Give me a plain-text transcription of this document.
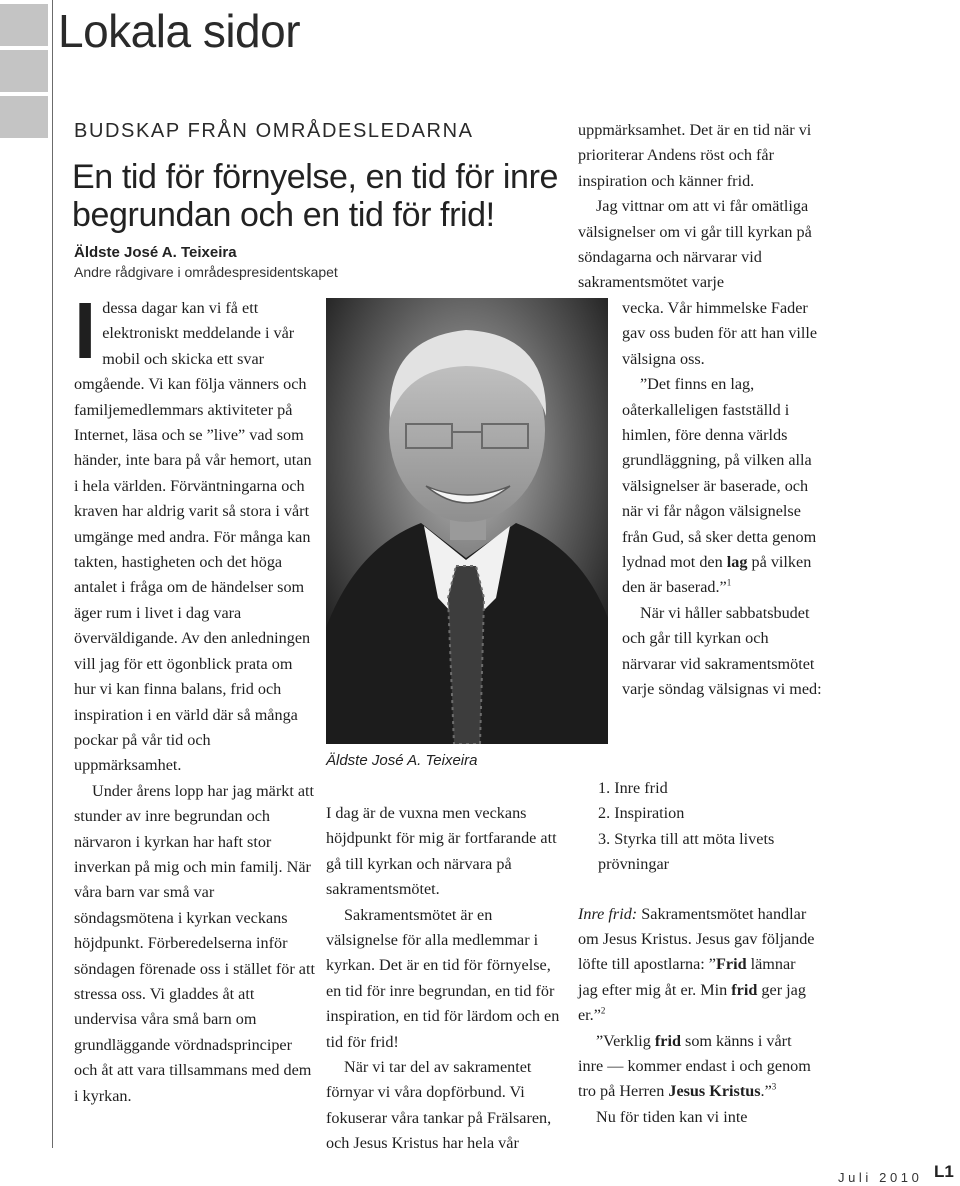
Lokala sidor
BUDSKAP FRÅN OMRÅDESLEDARNA
En tid för förnyelse, en tid för inre begrundan och en tid för frid!
Äldste José A. Teixeira
Andre rådgivare i områdespresidentskapet

Idessa dagar kan vi få ett elektroniskt meddelande i vår mobil och skicka ett svar omgående. Vi kan följa vänners och familjemedlemmars aktiviteter på Internet, läsa och se ”live” vad som händer, inte bara på vår hemort, utan i hela världen. Förväntningarna och kraven har aldrig varit så stora i vårt umgänge med andra. För många kan takten, hastigheten och det höga antalet i fråga om de händelser som äger rum i livet i dag vara överväldigande. Av den anledningen vill jag för ett ögonblick prata om hur vi kan finna balans, frid och inspiration i en värld där så många pockar på vår tid och uppmärksamhet.

Under årens lopp har jag märkt att stunder av inre begrundan och närvaron i kyrkan har haft stor inverkan på mig och min familj. När våra barn var små var söndagsmötena i kyrkan veckans höjdpunkt. Förberedelserna inför söndagen förenade oss i stället för att stressa oss. Vi gladdes åt att undervisa våra små barn om grundläggande vördnadsprinciper och åt att vara tillsammans med dem i kyrkan.

Äldste José A. Teixeira

I dag är de vuxna men veckans höjdpunkt för mig är fortfarande att gå till kyrkan och närvara på sakramentsmötet.

Sakramentsmötet är en välsignelse för alla medlemmar i kyrkan. Det är en tid för förnyelse, en tid för inre begrundan, en tid för inspiration, en tid för lärdom och en tid för frid!

När vi tar del av sakramentet förnyar vi våra dopförbund. Vi fokuserar våra tankar på Frälsaren, och Jesus Kristus har hela vår

uppmärksamhet. Det är en tid när vi prioriterar Andens röst och får inspiration och känner frid.

Jag vittnar om att vi får omätliga välsignelser om vi går till kyrkan på söndagarna och närvarar vid sakramentsmötet varje

vecka. Vår himmelske Fader gav oss buden för att han ville välsigna oss.

”Det finns en lag, oåterkalleligen fastställd i himlen, före denna världs grundläggning, på vilken alla välsignelser är baserade, och när vi får någon välsignelse från Gud, så sker detta genom lydnad mot den lag på vilken den är baserad.”$^1$

När vi håller sabbatsbudet och går till kyrkan och närvarar vid sakramentsmötet varje söndag välsignas vi med:

1. Inre frid

2. Inspiration

3. Styrka till att möta livets prövningar

Inre frid: Sakramentsmötet handlar om Jesus Kristus. Jesus gav följande löfte till apostlarna: ”Frid lämnar jag efter mig åt er. Min frid ger jag er.”$^2$

”Verklig frid som känns i vårt inre — kommer endast i och genom tro på Herren Jesus Kristus.”$^3$

Nu för tiden kan vi inte

Juli 2010 L1
